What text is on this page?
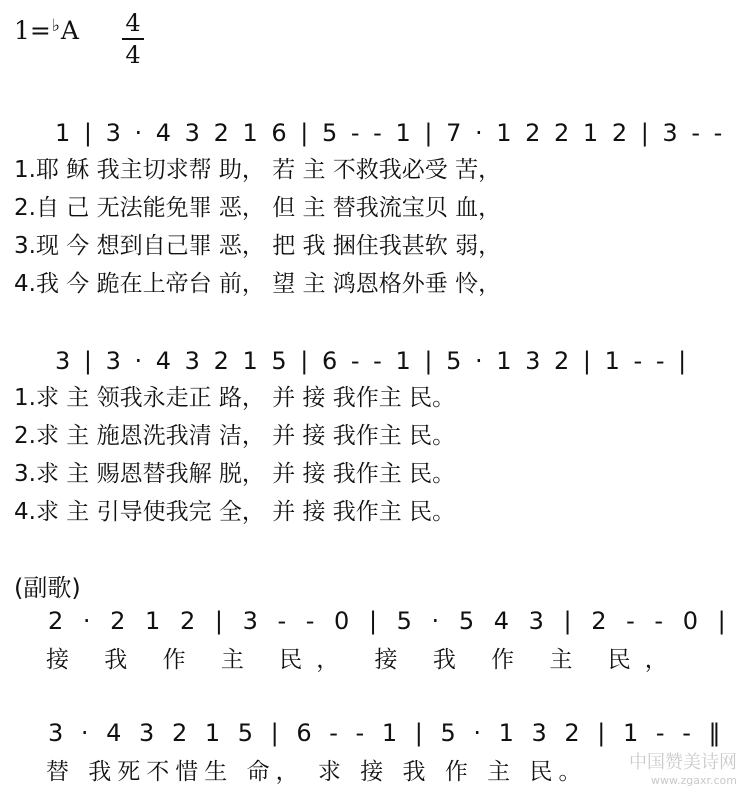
1=♭A 4
4
1 | 3 · 4 3 2 1 6 | 5 - - 1 | 7 · 1 2 2 1 2 | 3 - -
1.耶 稣 我主切求帮 助， 若 主 不救我必受 苦，
2.自 己 无法能免罪 恶， 但 主 替我流宝贝 血，
3.现 今 想到自己罪 恶， 把 我 捆住我甚软 弱，
4.我 今 跪在上帝台 前， 望 主 鸿恩格外垂 怜，
3 | 3 · 4 3 2 1 5 | 6 - - 1 | 5 · 1 3 2 | 1 - - |
1.求 主 领我永走正 路， 并 接 我作主 民。
2.求 主 施恩洗我清 洁， 并 接 我作主 民。
3.求 主 赐恩替我解 脱， 并 接 我作主 民。
4.求 主 引导使我完 全， 并 接 我作主 民。
(副歌)
2 · 2 1 2 | 3 - - 0 | 5 · 5 4 3 | 2 - - 0 |
接 我 作 主 民， 接 我 作 主 民，
3 · 4 3 2 1 5 | 6 - - 1 | 5 · 1 3 2 | 1 - - ‖
替 我死不惜生 命， 求 接 我 作 主 民。 中国赞美诗网
www.zgaxr.com
